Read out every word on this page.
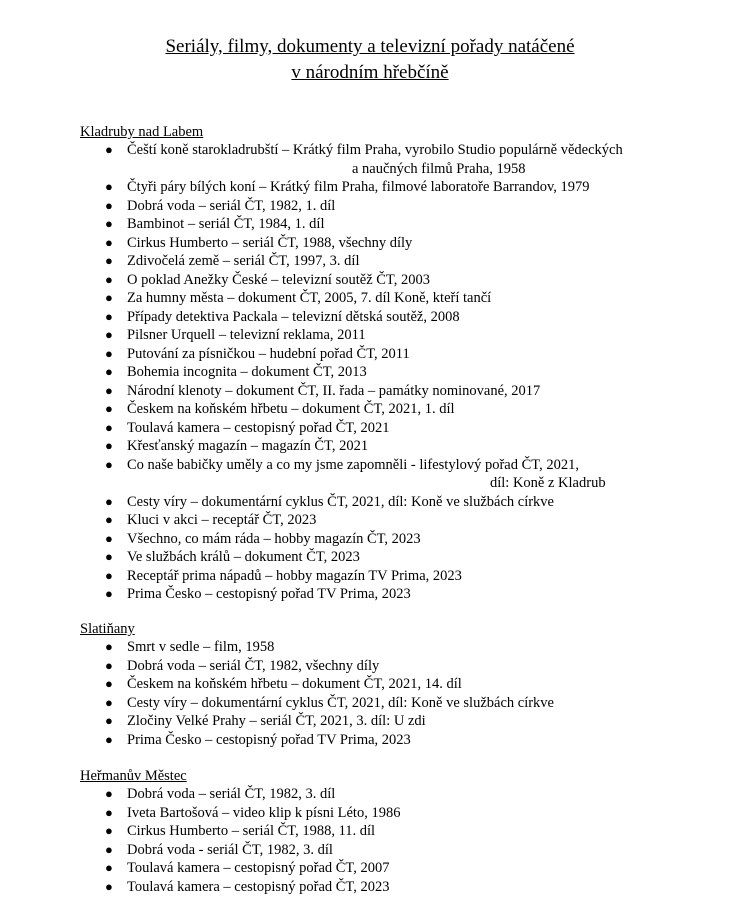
Seriály, filmy, dokumenty a televizní pořady natáčené
v národním hřebčíně
Kladruby nad Labem
● Čeští koně starokladrubští – Krátký film Praha, vyrobilo Studio populárně vědeckých
a naučných filmů Praha, 1958
● Čtyři páry bílých koní – Krátký film Praha, filmové laboratoře Barrandov, 1979
● Dobrá voda – seriál ČT, 1982, 1. díl
● Bambinot – seriál ČT, 1984, 1. díl
● Cirkus Humberto – seriál ČT, 1988, všechny díly
● Zdivočelá země – seriál ČT, 1997, 3. díl
● O poklad Anežky České – televizní soutěž ČT, 2003
● Za humny města – dokument ČT, 2005, 7. díl Koně, kteří tančí
● Případy detektiva Packala – televizní dětská soutěž, 2008
● Pilsner Urquell – televizní reklama, 2011
● Putování za písničkou – hudební pořad ČT, 2011
● Bohemia incognita – dokument ČT, 2013
● Národní klenoty – dokument ČT, II. řada – památky nominované, 2017
● Českem na koňském hřbetu – dokument ČT, 2021, 1. díl
● Toulavá kamera – cestopisný pořad ČT, 2021
● Křesťanský magazín – magazín ČT, 2021
● Co naše babičky uměly a co my jsme zapomněli - lifestylový pořad ČT, 2021,
díl: Koně z Kladrub
● Cesty víry – dokumentární cyklus ČT, 2021, díl: Koně ve službách církve
● Kluci v akci – receptář ČT, 2023
● Všechno, co mám ráda – hobby magazín ČT, 2023
● Ve službách králů – dokument ČT, 2023
● Receptář prima nápadů – hobby magazín TV Prima, 2023
● Prima Česko – cestopisný pořad TV Prima, 2023
Slatiňany
● Smrt v sedle – film, 1958
● Dobrá voda – seriál ČT, 1982, všechny díly
● Českem na koňském hřbetu – dokument ČT, 2021, 14. díl
● Cesty víry – dokumentární cyklus ČT, 2021, díl: Koně ve službách církve
● Zločiny Velké Prahy – seriál ČT, 2021, 3. díl: U zdi
● Prima Česko – cestopisný pořad TV Prima, 2023
Heřmanův Městec
● Dobrá voda – seriál ČT, 1982, 3. díl
● Iveta Bartošová – video klip k písni Léto, 1986
● Cirkus Humberto – seriál ČT, 1988, 11. díl
● Dobrá voda - seriál ČT, 1982, 3. díl
● Toulavá kamera – cestopisný pořad ČT, 2007
● Toulavá kamera – cestopisný pořad ČT, 2023
